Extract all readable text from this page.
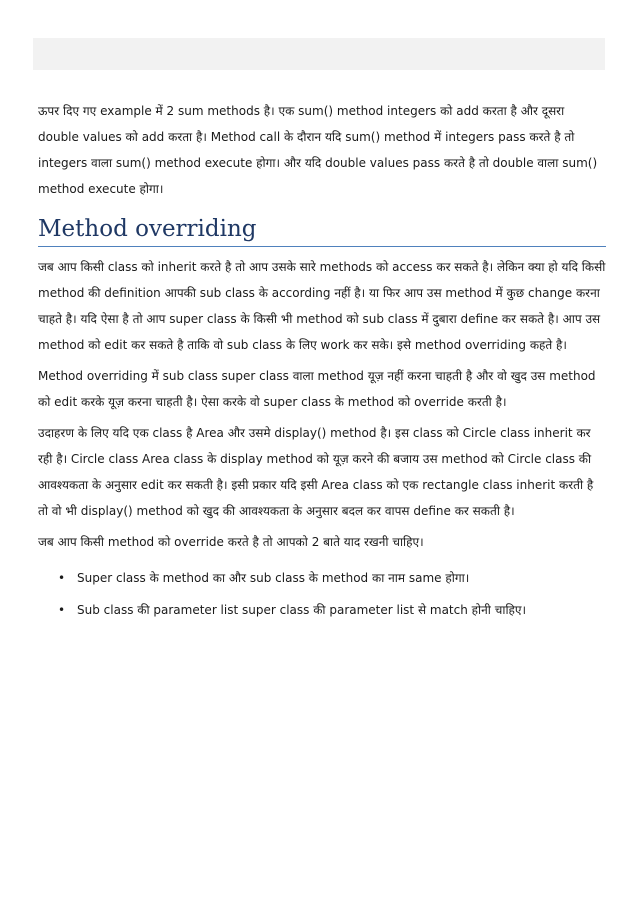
ऊपर दिए गए example में 2 sum methods है। एक sum() method integers को add करता है और दूसरा double values को add करता है। Method call के दौरान यदि sum() method में integers pass करते है तो integers वाला sum() method execute होगा। और यदि double values pass करते है तो double वाला sum() method execute होगा।

Method overriding

जब आप किसी class को inherit करते है तो आप उसके सारे methods को access कर सकते है। लेकिन क्या हो यदि किसी method की definition आपकी sub class के according नहीं है। या फिर आप उस method में कुछ change करना चाहते है। यदि ऐसा है तो आप super class के किसी भी method को sub class में दुबारा define कर सकते है। आप उस method को edit कर सकते है ताकि वो sub class के लिए work कर सके। इसे method overriding कहते है।

Method overriding में sub class super class वाला method यूज़ नहीं करना चाहती है और वो खुद उस method को edit करके यूज़ करना चाहती है। ऐसा करके वो super class के method को override करती है।

उदाहरण के लिए यदि एक class है Area और उसमे display() method है। इस class को Circle class inherit कर रही है। Circle class Area class के display method को यूज़ करने की बजाय उस method को Circle class की आवश्यकता के अनुसार edit कर सकती है। इसी प्रकार यदि इसी Area class को एक rectangle class inherit करती है तो वो भी display() method को खुद की आवश्यकता के अनुसार बदल कर वापस define कर सकती है।

जब आप किसी method को override करते है तो आपको 2 बाते याद रखनी चाहिए।

• Super class के method का और sub class के method का नाम same होगा।
• Sub class की parameter list super class की parameter list से match होनी चाहिए।
